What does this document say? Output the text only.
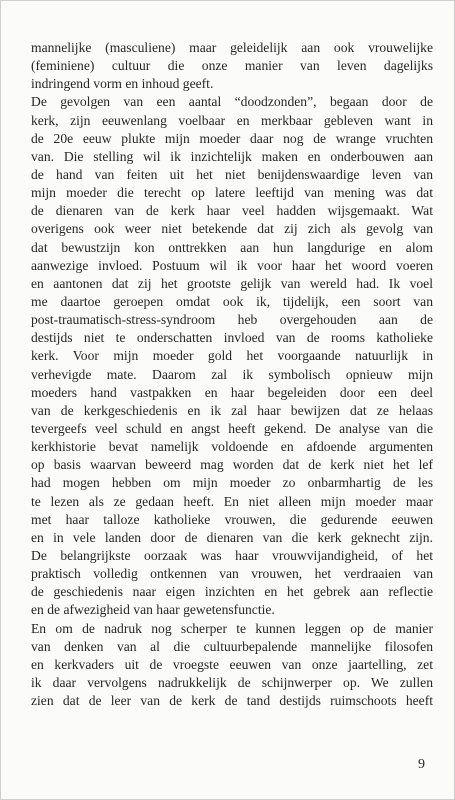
mannelijke (masculiene) maar geleidelijk aan ook vrouwelijke
(feminiene) cultuur die onze manier van leven dagelijks
indringend vorm en inhoud geeft.
De gevolgen van een aantal “doodzonden”, begaan door de
kerk, zijn eeuwenlang voelbaar en merkbaar gebleven want in
de 20e eeuw plukte mijn moeder daar nog de wrange vruchten
van. Die stelling wil ik inzichtelijk maken en onderbouwen aan
de hand van feiten uit het niet benijdenswaardige leven van
mijn moeder die terecht op latere leeftijd van mening was dat
de dienaren van de kerk haar veel hadden wijsgemaakt. Wat
overigens ook weer niet betekende dat zij zich als gevolg van
dat bewustzijn kon onttrekken aan hun langdurige en alom
aanwezige invloed. Postuum wil ik voor haar het woord voeren
en aantonen dat zij het grootste gelijk van wereld had. Ik voel
me daartoe geroepen omdat ook ik, tijdelijk, een soort van
post-traumatisch-stress-syndroom heb overgehouden aan de
destijds niet te onderschatten invloed van de rooms katholieke
kerk. Voor mijn moeder gold het voorgaande natuurlijk in
verhevigde mate. Daarom zal ik symbolisch opnieuw mijn
moeders hand vastpakken en haar begeleiden door een deel
van de kerkgeschiedenis en ik zal haar bewijzen dat ze helaas
tevergeefs veel schuld en angst heeft gekend. De analyse van die
kerkhistorie bevat namelijk voldoende en afdoende argumenten
op basis waarvan beweerd mag worden dat de kerk niet het lef
had mogen hebben om mijn moeder zo onbarmhartig de les
te lezen als ze gedaan heeft. En niet alleen mijn moeder maar
met haar talloze katholieke vrouwen, die gedurende eeuwen
en in vele landen door de dienaren van die kerk geknecht zijn.
De belangrijkste oorzaak was haar vrouwvijandigheid, of het
praktisch volledig ontkennen van vrouwen, het verdraaien van
de geschiedenis naar eigen inzichten en het gebrek aan reflectie
en de afwezigheid van haar gewetensfunctie.
En om de nadruk nog scherper te kunnen leggen op de manier
van denken van al die cultuurbepalende mannelijke filosofen
en kerkvaders uit de vroegste eeuwen van onze jaartelling, zet
ik daar vervolgens nadrukkelijk de schijnwerper op. We zullen
zien dat de leer van de kerk de tand destijds ruimschoots heeft
9
